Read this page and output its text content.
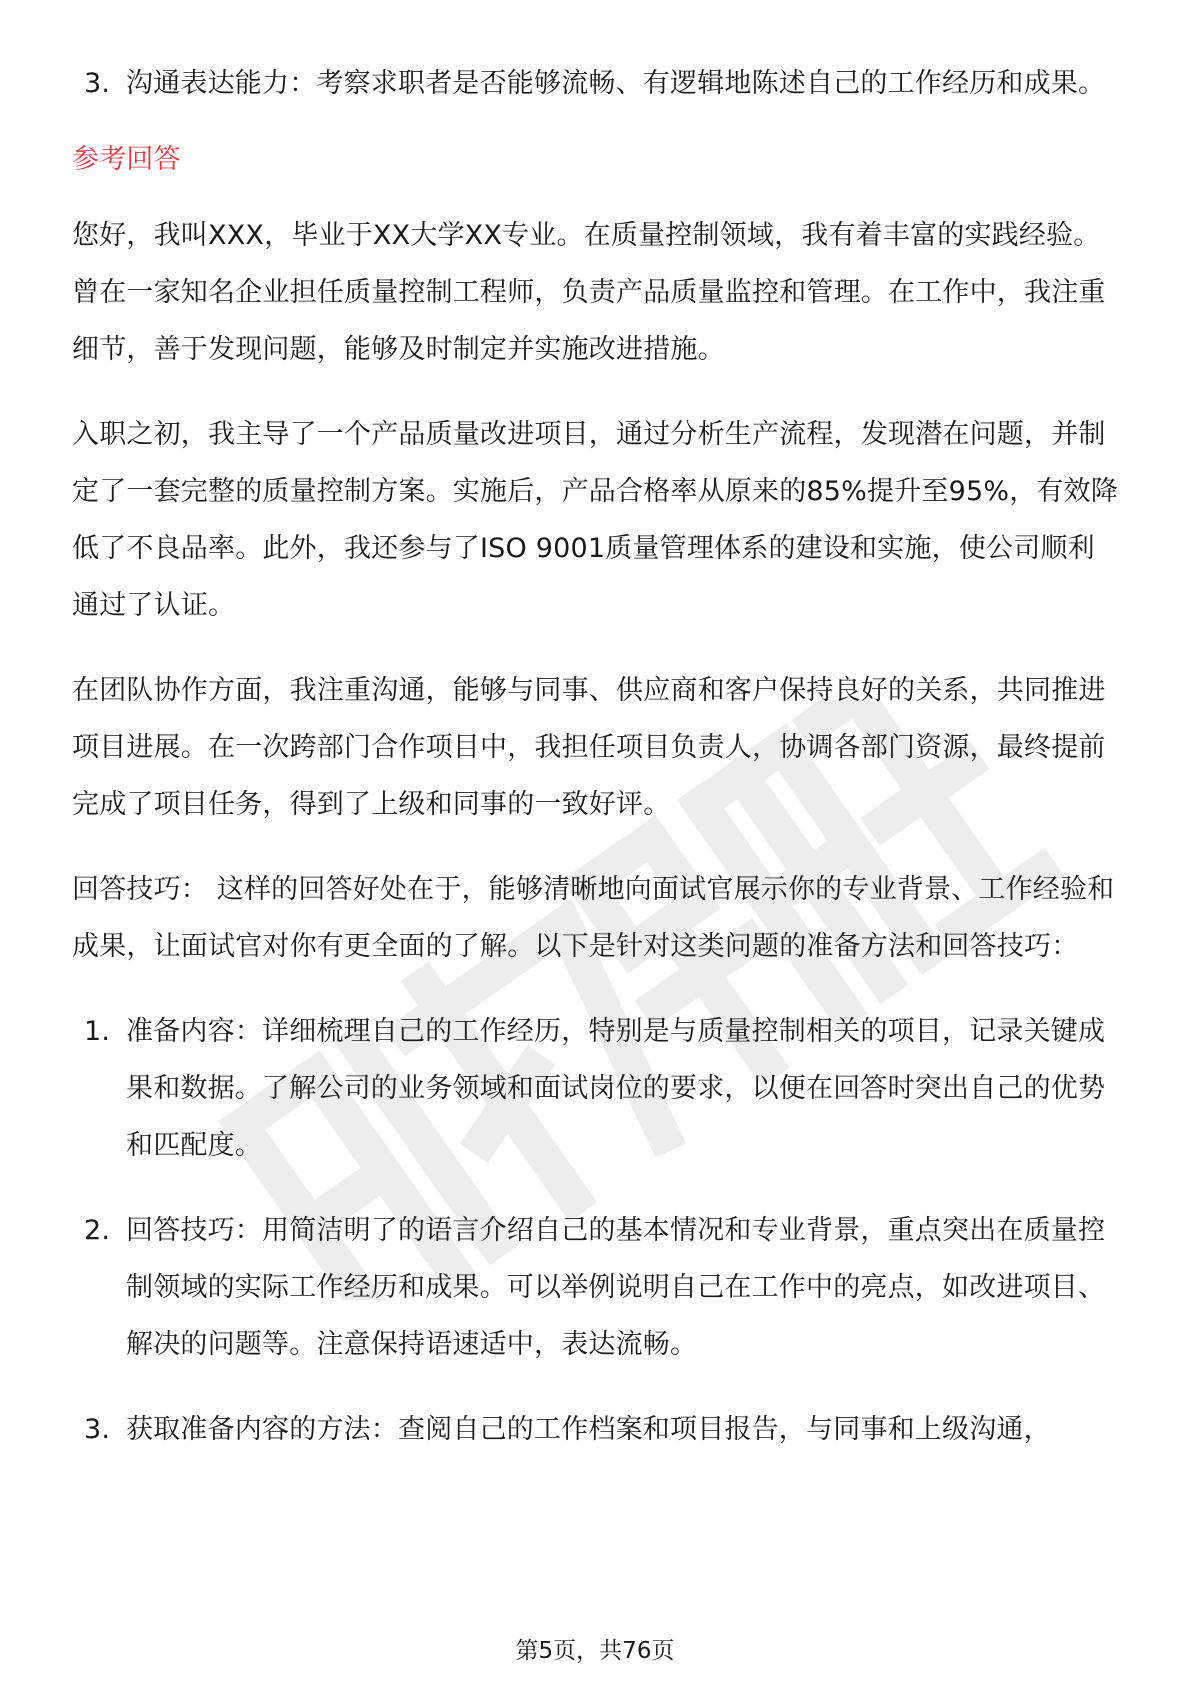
3. 沟通表达能力：考察求职者是否能够流畅、有逻辑地陈述自己的工作经历和成果。
参考回答

您好，我叫XXX，毕业于XX大学XX专业。在质量控制领域，我有着丰富的实践经验。曾在一家知名企业担任质量控制工程师，负责产品质量监控和管理。在工作中，我注重细节，善于发现问题，能够及时制定并实施改进措施。

入职之初，我主导了一个产品质量改进项目，通过分析生产流程，发现潜在问题，并制定了一套完整的质量控制方案。实施后，产品合格率从原来的85%提升至95%，有效降低了不良品率。此外，我还参与了ISO 9001质量管理体系的建设和实施，使公司顺利通过了认证。

在团队协作方面，我注重沟通，能够与同事、供应商和客户保持良好的关系，共同推进项目进展。在一次跨部门合作项目中，我担任项目负责人，协调各部门资源，最终提前完成了项目任务，得到了上级和同事的一致好评。

回答技巧： 这样的回答好处在于，能够清晰地向面试官展示你的专业背景、工作经验和成果，让面试官对你有更全面的了解。以下是针对这类问题的准备方法和回答技巧：

1. 准备内容：详细梳理自己的工作经历，特别是与质量控制相关的项目，记录关键成果和数据。了解公司的业务领域和面试岗位的要求，以便在回答时突出自己的优势和匹配度。
2. 回答技巧：用简洁明了的语言介绍自己的基本情况和专业背景，重点突出在质量控制领域的实际工作经历和成果。可以举例说明自己在工作中的亮点，如改进项目、解决的问题等。注意保持语速适中，表达流畅。
3. 获取准备内容的方法：查阅自己的工作档案和项目报告，与同事和上级沟通，
第5页，共76页
